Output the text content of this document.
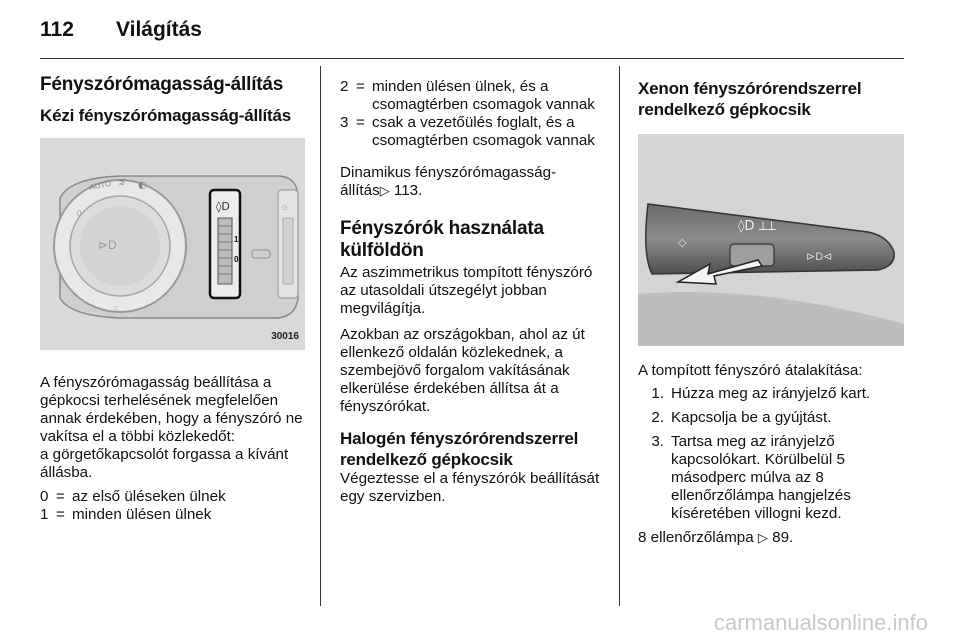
112 Világítás
Fényszórómagasság-állítás
Kézi fényszórómagasság-állítás
⊳D
AUTO ⋨ ◐
0
☼
◊D
1
0
☼
30016

A fényszórómagasság beállítása a gépkocsi terhelésének megfelelően annak érdekében, hogy a fényszóró ne vakítsa el a többi közlekedőt:

a görgetőkapcsolót forgassa a kívánt állásba.

0 = az első üléseken ülnek
1 = minden ülésen ülnek
2 = minden ülésen ülnek, és a csomagtérben csomagok vannak
3 = csak a vezetőülés foglalt, és a csomagtérben csomagok vannak

Dinamikus fényszórómagasság-állítás▷ 113.

Fényszórók használata külföldön

Az aszimmetrikus tompított fényszóró az utasoldali útszegélyt jobban megvilágítja.

Azokban az országokban, ahol az út ellenkező oldalán közlekednek, a szembejövő forgalom vakításának elkerülése érdekében állítsa át a fényszórókat.

Halogén fényszórórendszerrel rendelkező gépkocsik

Végeztesse el a fényszórók beállítását egy szervizben.

Xenon fényszórórendszerrel rendelkező gépkocsik
◊D ⟂⟂
◇
⊳D⊲

A tompított fényszóró átalakítása:

1. Húzza meg az irányjelző kart.
2. Kapcsolja be a gyújtást.
3. Tartsa meg az irányjelző kapcsolókart. Körülbelül 5 másodperc múlva az 8 ellenőrzőlámpa hangjelzés kíséretében villogni kezd.

8 ellenőrzőlámpa ▷ 89.

carmanualsonline.info
